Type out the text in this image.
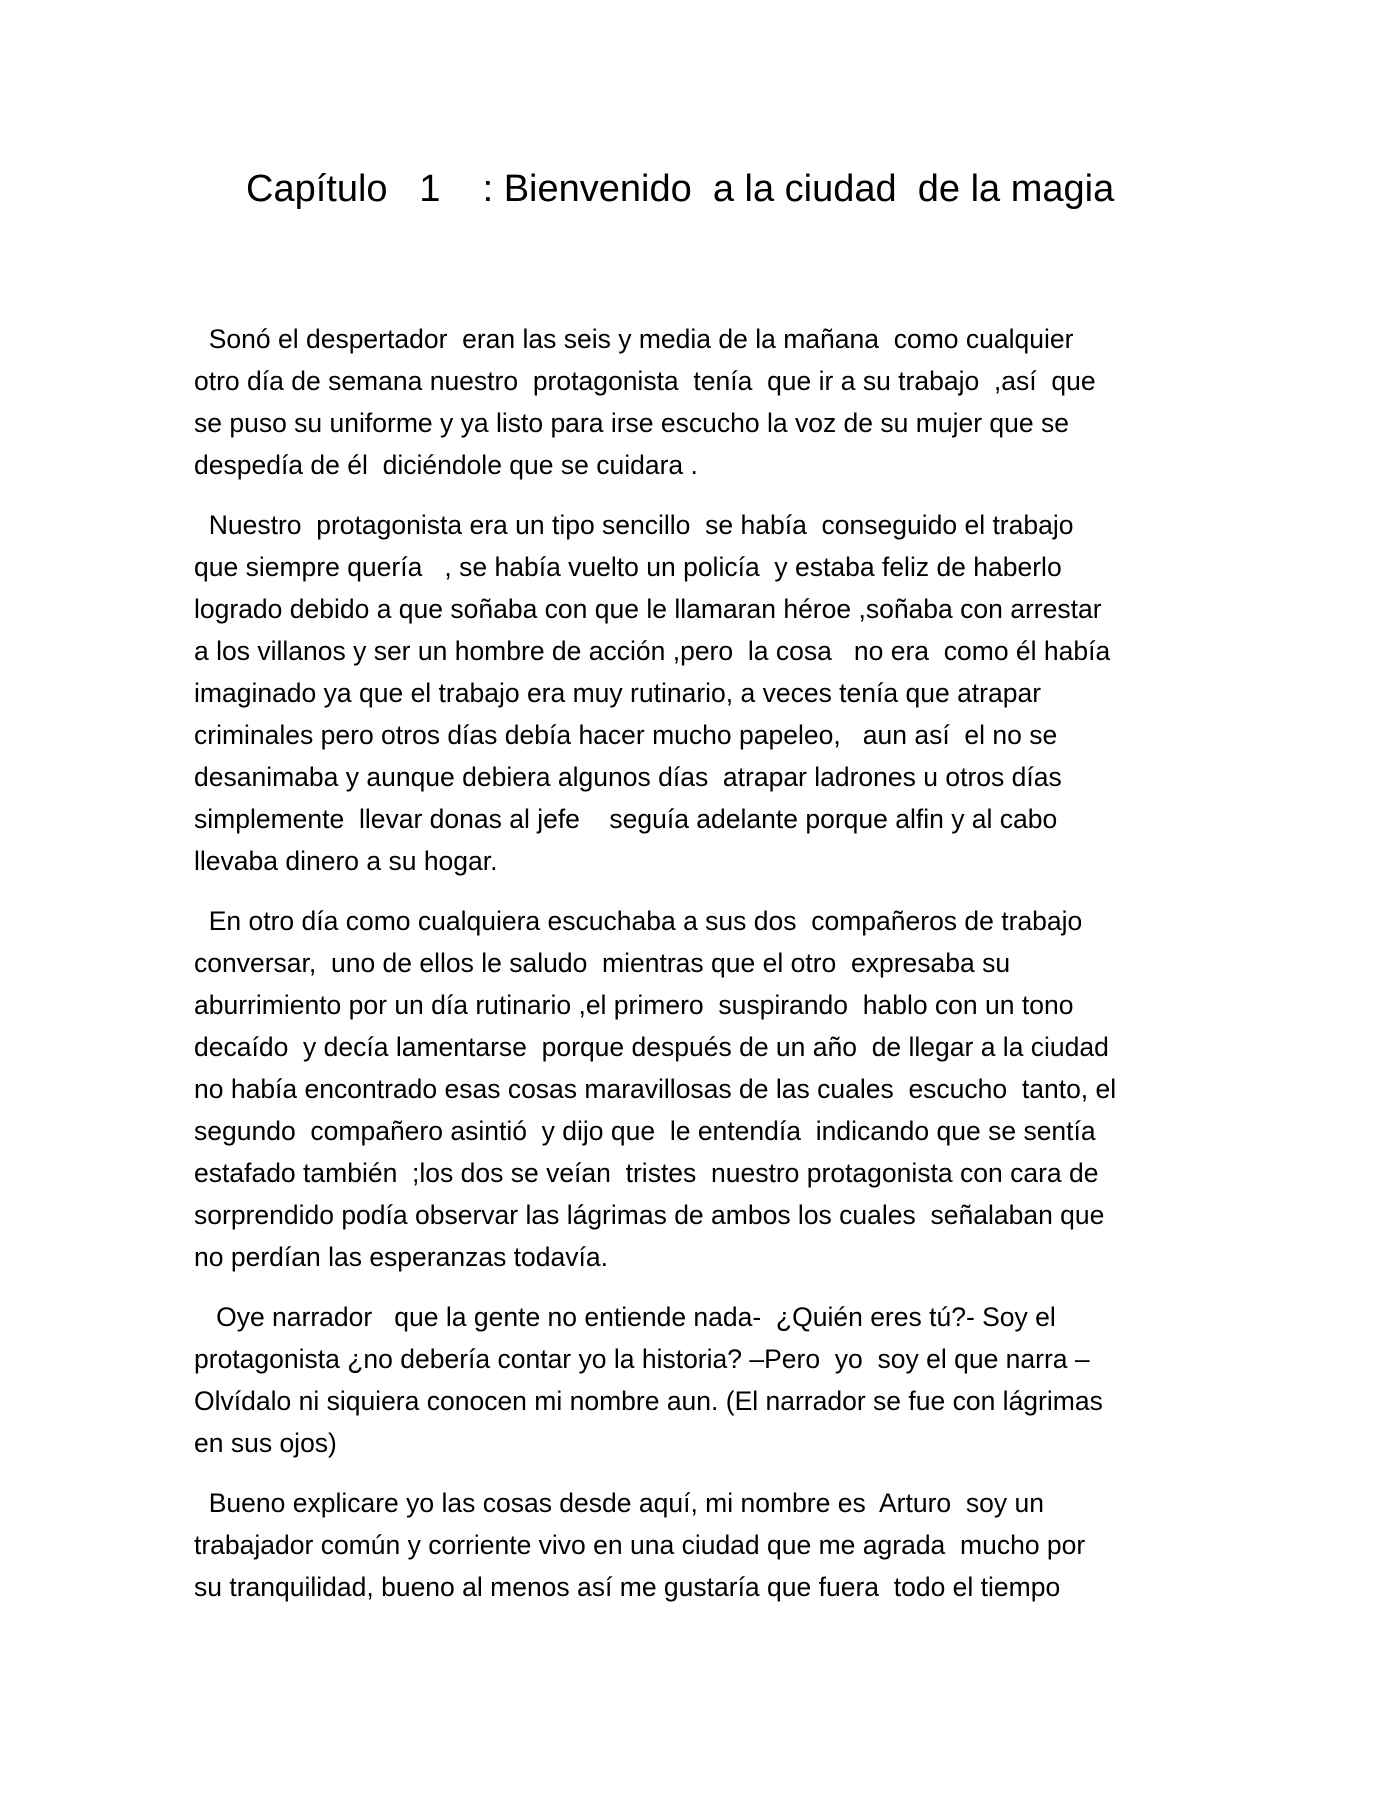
Capítulo   1    : Bienvenido  a la ciudad  de la magia

Sonó el despertador  eran las seis y media de la mañana  como cualquier
otro día de semana nuestro  protagonista  tenía  que ir a su trabajo  ,así  que
se puso su uniforme y ya listo para irse escucho la voz de su mujer que se
despedía de él  diciéndole que se cuidara .

Nuestro  protagonista era un tipo sencillo  se había  conseguido el trabajo
que siempre quería   , se había vuelto un policía  y estaba feliz de haberlo
logrado debido a que soñaba con que le llamaran héroe ,soñaba con arrestar
a los villanos y ser un hombre de acción ,pero  la cosa   no era  como él había
imaginado ya que el trabajo era muy rutinario, a veces tenía que atrapar
criminales pero otros días debía hacer mucho papeleo,   aun así  el no se
desanimaba y aunque debiera algunos días  atrapar ladrones u otros días
simplemente  llevar donas al jefe    seguía adelante porque alfin y al cabo
llevaba dinero a su hogar.

En otro día como cualquiera escuchaba a sus dos  compañeros de trabajo
conversar,  uno de ellos le saludo  mientras que el otro  expresaba su
aburrimiento por un día rutinario ,el primero  suspirando  hablo con un tono
decaído  y decía lamentarse  porque después de un año  de llegar a la ciudad
no había encontrado esas cosas maravillosas de las cuales  escucho  tanto, el
segundo  compañero asintió  y dijo que  le entendía  indicando que se sentía
estafado también  ;los dos se veían  tristes  nuestro protagonista con cara de
sorprendido podía observar las lágrimas de ambos los cuales  señalaban que
no perdían las esperanzas todavía.

Oye narrador   que la gente no entiende nada-  ¿Quién eres tú?- Soy el
protagonista ¿no debería contar yo la historia? –Pero  yo  soy el que narra –
Olvídalo ni siquiera conocen mi nombre aun. (El narrador se fue con lágrimas
en sus ojos)

Bueno explicare yo las cosas desde aquí, mi nombre es  Arturo  soy un
trabajador común y corriente vivo en una ciudad que me agrada  mucho por
su tranquilidad, bueno al menos así me gustaría que fuera  todo el tiempo
